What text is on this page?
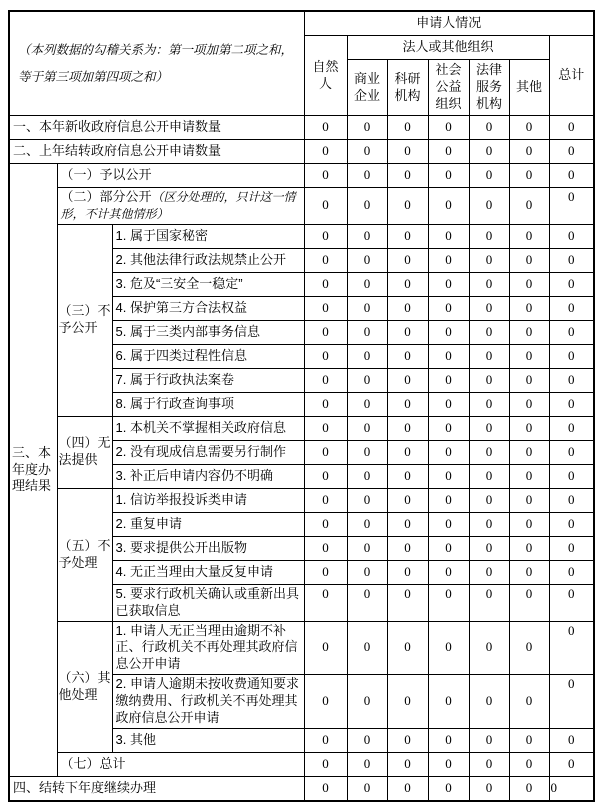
（本列数据的勾稽关系为：第一项加第二项之和，等于第三项加第四项之和）			申请人情况						
			自然人	法人或其他组织					总计
				商业企业	科研机构	社会公益组织	法律服务机构	其他	
一、本年新收政府信息公开申请数量			0	0	0	0	0	0	0
二、上年结转政府信息公开申请数量			0	0	0	0	0	0	0
三、本年度办理结果	（一）予以公开		0	0	0	0	0	0	0
	（二）部分公开（区分处理的，只计这一情形，不计其他情形）		0	0	0	0	0	0	0
	（三）不予公开	1. 属于国家秘密	0	0	0	0	0	0	0
		2. 其他法律行政法规禁止公开	0	0	0	0	0	0	0
		3. 危及“三安全一稳定”	0	0	0	0	0	0	0
		4. 保护第三方合法权益	0	0	0	0	0	0	0
		5. 属于三类内部事务信息	0	0	0	0	0	0	0
		6. 属于四类过程性信息	0	0	0	0	0	0	0
		7. 属于行政执法案卷	0	0	0	0	0	0	0
		8. 属于行政查询事项	0	0	0	0	0	0	0
	（四）无法提供	1. 本机关不掌握相关政府信息	0	0	0	0	0	0	0
		2. 没有现成信息需要另行制作	0	0	0	0	0	0	0
		3. 补正后申请内容仍不明确	0	0	0	0	0	0	0
	（五）不予处理	1. 信访举报投诉类申请	0	0	0	0	0	0	0
		2. 重复申请	0	0	0	0	0	0	0
		3. 要求提供公开出版物	0	0	0	0	0	0	0
		4. 无正当理由大量反复申请	0	0	0	0	0	0	0
		5. 要求行政机关确认或重新出具已获取信息	0	0	0	0	0	0	0
	（六）其他处理	1. 申请人无正当理由逾期不补正、行政机关不再处理其政府信息公开申请	0	0	0	0	0	0	0
		2. 申请人逾期未按收费通知要求缴纳费用、行政机关不再处理其政府信息公开申请	0	0	0	0	0	0	0
		3. 其他	0	0	0	0	0	0	0
	（七）总计		0	0	0	0	0	0	0
四、结转下年度继续办理			0	0	0	0	0	0	0
